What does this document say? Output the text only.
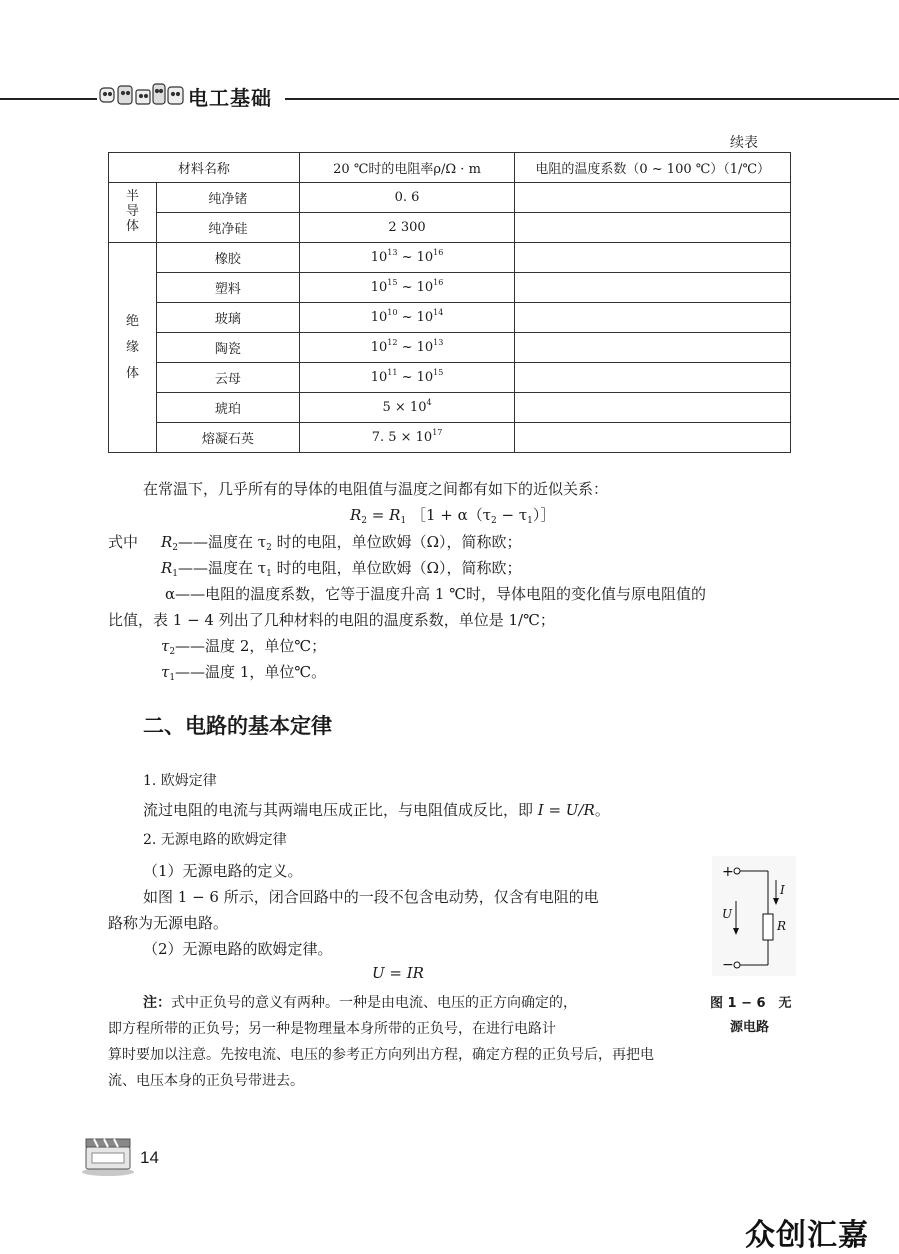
电工基础
续表
材料名称		20 ℃时的电阻率ρ/Ω · m	电阻的温度系数（0 ~ 100 ℃）（1/℃）
半导体	纯净锗	0. 6	
	纯净硅	2 300	
绝缘体	橡胶	$10^{13}$ ~ $10^{16}$	
	塑料	$10^{15}$ ~ $10^{16}$	
	玻璃	$10^{10}$ ~ $10^{14}$	
	陶瓷	$10^{12}$ ~ $10^{13}$	
	云母	$10^{11}$ ~ $10^{15}$	
	琥珀	$5 \times 10^4$	
	熔凝石英	7. $5 \times 10^{17}$	
在常温下，几乎所有的导体的电阻值与温度之间都有如下的近似关系：
$R_2 = R_1$ ［1 + $\alpha(\tau_2$ − $\tau_1)]$
式中 $R_2——$温度在 $\tau_2$ 时的电阻，单位欧姆（Ω），简称欧；
$R_1——$温度在 $\tau_1$ 时的电阻，单位欧姆（Ω），简称欧；
α——电阻的温度系数，它等于温度升高 1 ℃时，导体电阻的变化值与原电阻值的
比值，表 1 − 4 列出了几种材料的电阻的温度系数，单位是 1/℃；
$\tau_2——$温度 2，单位℃；
$\tau_1——$温度 1，单位℃。
二、电路的基本定律
1. 欧姆定律
流过电阻的电流与其两端电压成正比，与电阻值成反比，即 I = U/R。
2. 无源电路的欧姆定律
（1）无源电路的定义。
如图 1 − 6 所示，闭合回路中的一段不包含电动势，仅含有电阻的电
路称为无源电路。
（2）无源电路的欧姆定律。
U = IR
注：式中正负号的意义有两种。一种是由电流、电压的正方向确定的，
即方程所带的正负号；另一种是物理量本身所带的正负号，在进行电路计
算时要加以注意。先按电流、电压的参考正方向列出方程，确定方程的正负号后，再把电
流、电压本身的正负号带进去。
+
−
U
I
R
图 1 − 6　无
源电路
14
众创汇嘉
